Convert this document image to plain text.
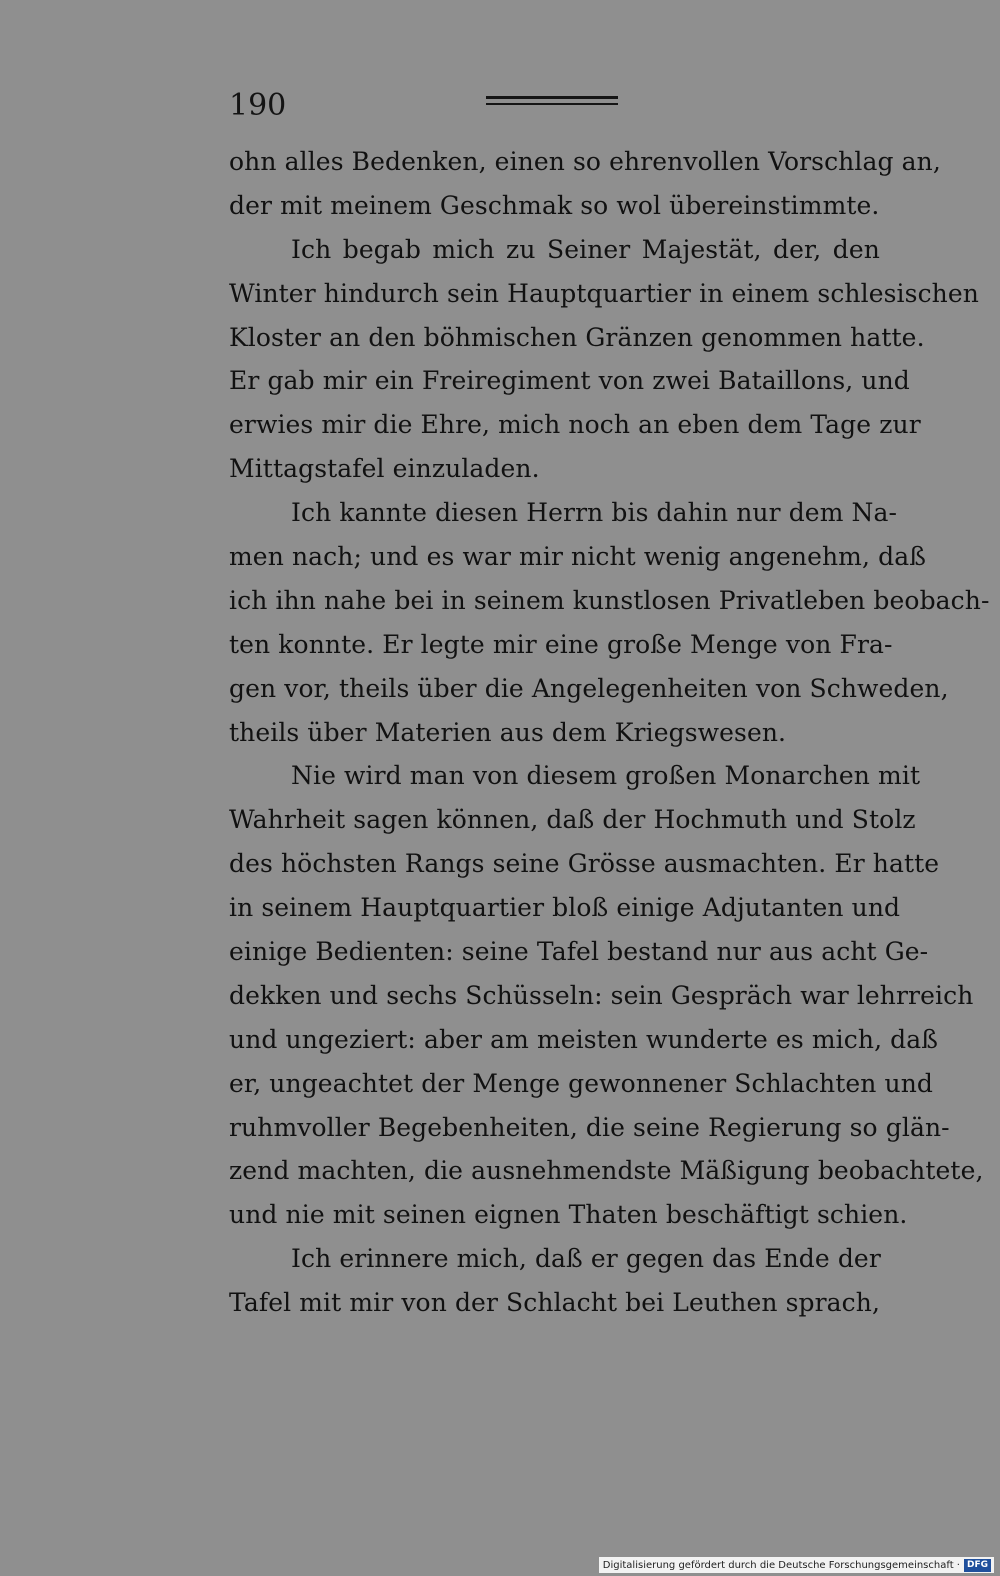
190
ohn alles Bedenken, einen so ehrenvollen Vorschlag an,
der mit meinem Geschmak so wol übereinstimmte.
Ich begab mich zu Seiner Majestät, der, den
Winter hindurch sein Hauptquartier in einem schlesischen
Kloster an den böhmischen Gränzen genommen hatte.
Er gab mir ein Freiregiment von zwei Bataillons, und
erwies mir die Ehre, mich noch an eben dem Tage zur
Mittagstafel einzuladen.
Ich kannte diesen Herrn bis dahin nur dem Na-
men nach; und es war mir nicht wenig angenehm, daß
ich ihn nahe bei in seinem kunstlosen Privatleben beobach-
ten konnte. Er legte mir eine große Menge von Fra-
gen vor, theils über die Angelegenheiten von Schweden,
theils über Materien aus dem Kriegswesen.
Nie wird man von diesem großen Monarchen mit
Wahrheit sagen können, daß der Hochmuth und Stolz
des höchsten Rangs seine Grösse ausmachten. Er hatte
in seinem Hauptquartier bloß einige Adjutanten und
einige Bedienten: seine Tafel bestand nur aus acht Ge-
dekken und sechs Schüsseln: sein Gespräch war lehrreich
und ungeziert: aber am meisten wunderte es mich, daß
er, ungeachtet der Menge gewonnener Schlachten und
ruhmvoller Begebenheiten, die seine Regierung so glän-
zend machten, die ausnehmendste Mäßigung beobachtete,
und nie mit seinen eignen Thaten beschäftigt schien.
Ich erinnere mich, daß er gegen das Ende der
Tafel mit mir von der Schlacht bei Leuthen sprach,
Digitalisierung gefördert durch die Deutsche Forschungsgemeinschaft · DFG
